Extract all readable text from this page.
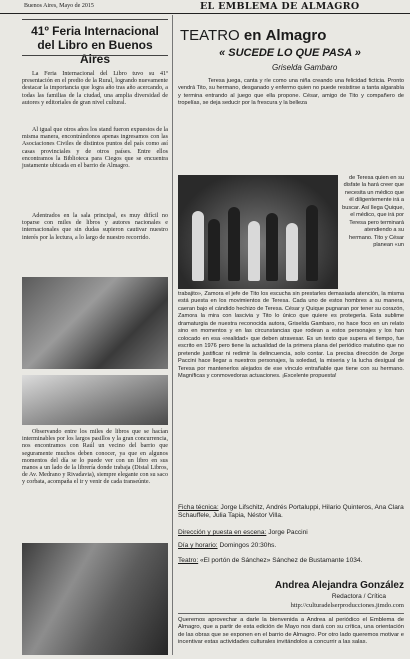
Buenos Aires, Mayo de 2015	EL EMBLEMA DE ALMAGRO
41º Feria Internacional del Libro en Buenos Aires
La Feria Internacional del Libro tuvo su 41º presentación en el predio de la Rural, logrando nuevamente destacar la importancia que logra año tras año acercando, a todas las familias de la ciudad, una amplia diversidad de autores y editoriales de gran nivel cultural.
Al igual que otros años los stand fueron expuestos de la misma manera, encontrándonos apenas ingresamos con las Asociaciones Civiles de distintos puntos del país como así casas provinciales y de otros países. Entre ellos encontramos la Biblioteca para Ciegos que se encuentra justamente ubicada en el barrio de Almagro.
Adentrados en la sala principal, es muy difícil no toparse con miles de libros y autores nacionales e internacionales que sin dudas supieron cautivar nuestro interés por la lectura, a lo largo de nuestro recorrido.
Observando entre los miles de libros que se hacían interminables por los largos pasillos y la gran concurrencia, nos encontramos con Raúl un vecino del barrio que seguramente muchos deben conocer, ya que en algunos momentos del día se lo puede ver con un libro en sus manos a un lado de la librería donde trabaja (Distal Libros, de Av. Medrano y Rivadavia), siempre elegante con su saco y corbata, acompaña el ir y venir de cada transeúnte.
TEATRO en Almagro
« SUCEDE LO QUE PASA »
Griselda Gambaro
Teresa juega, canta y ríe como una niña creando una felicidad ficticia. Pronto vendrá Tito, su hermano, desganado y enfermo quien no puede resistirse a tanta algarabía y termina entrando al juego que ella propone. César, amigo de Tito y compañero de tropelías, se deja seducir por la frescura y la belleza
de Teresa quien en su disfate la hará creer que necesita un médico que él diligentemente irá a buscar. Así llega Quique, el médico, que irá por Teresa pero terminará atendiendo a su hermano. Tito y César planean «un
trabajito», Zamora el jefe de Tito los escucha sin prestarles demasiada atención, la misma está puesta en los movimientos de Teresa. Cada uno de estos hombres a su manera, caeran bajo el cándido hechizo de Teresa. César y Quique pugnaran por tener su corazón, Zamora la mira con lascivia y Tito lo único que quiere es protegerla. Esta sublime dramaturgia de nuestra reconocida autora, Griselda Gambaro, no hace foco en un relato sino en momentos y en las circunstancias que rodean a estos personajes y los han colocado en esa «realidad» que deben atravesar. Es un texto que supera el tiempo, fue escrito en 1976 pero tiene la actualidad de la primera plana del periódico matutino que no pretende justificar ni redimir la delincuencia, solo contar. La precisa dirección de Jorge Paccini hace llegar a nuestros personajes, la soledad, la miseria y la lucha desigual de Teresa por mantenerlos alejados de ese vínculo entrañable que tiene con su hermano. Magníficas y conmovedoras actuaciones. ¡Excelente propuesta!
Ficha técnica: Jorge Lifschitz, Andrés Portaluppi, Hilario Quinteros, Ana Clara Schauffele, Julia Tapia, Néstor Villa.
Dirección y puesta en escena: Jorge Paccini
Día y horario: Domingos 20:30hs.
Teatro: «El portón de Sánchez» Sánchez de Bustamante 1034.
Andrea Alejandra González
Redactora / Crítica
http://culturadelserproducciones.jimdo.com
Queremos aprovechar a darle la bienvenida a Andrea al periódico el Emblema de Almagro, que a partir de esta edición de Mayo nos dará con su crítica, una orientación de las obras que se exponen en el barrio de Almagro. Por otro lado queremos motivar e incentivar estas actividades culturales invitándolos a concurrir a las salas.
